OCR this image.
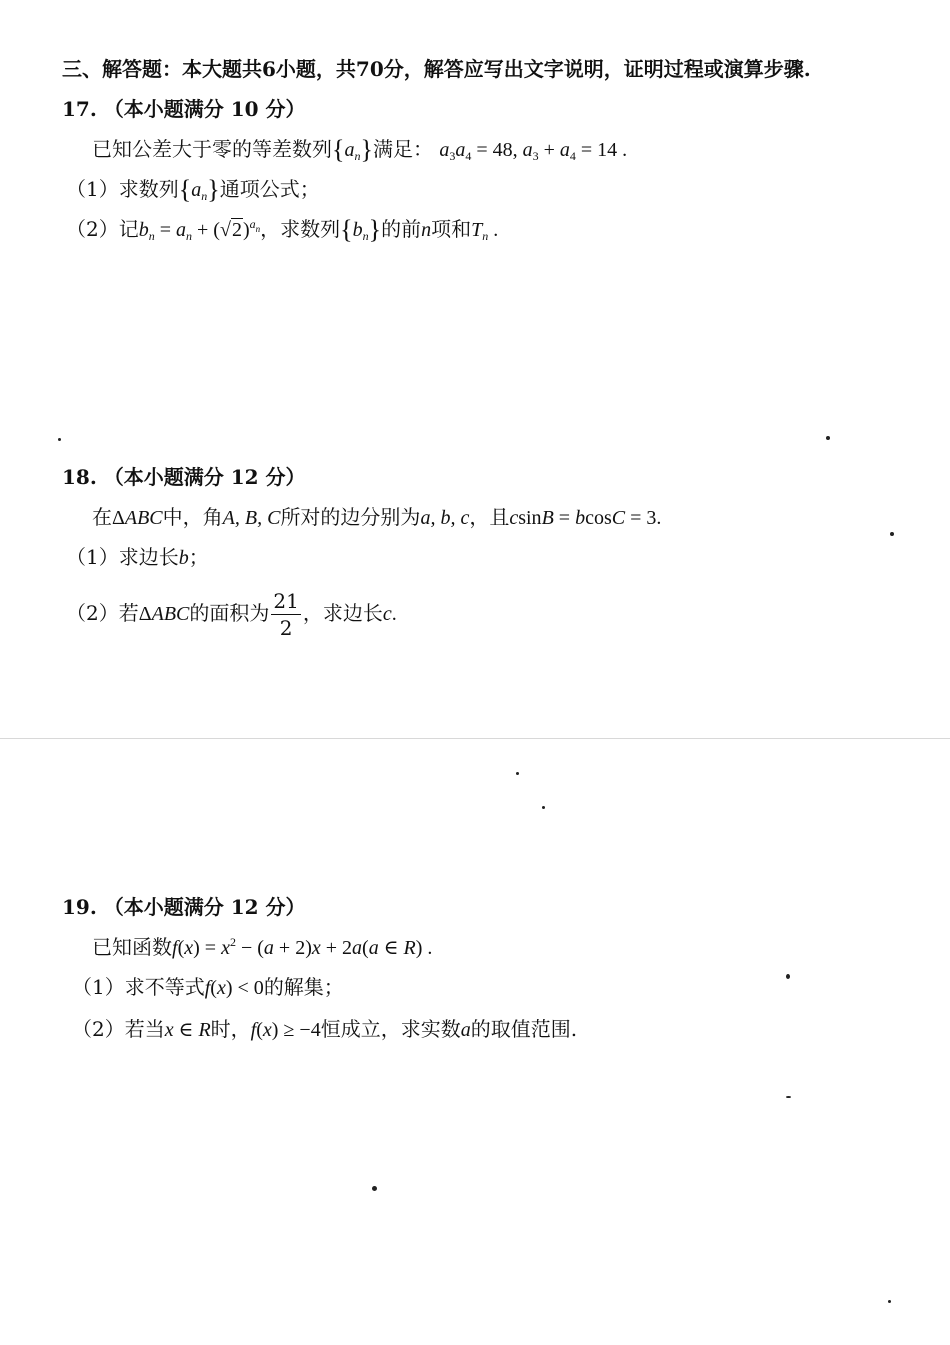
三、解答题：本大题共6小题，共70分，解答应写出文字说明，证明过程或演算步骤.
17. （本小题满分 10 分）
已知公差大于零的等差数列$\{a_n\}$满足： $a_3a_4 = 48$, $a_3 + a_4 = 14$ .
（1）求数列$\{a_n\}$通项公式；
（2）记$b_n = a_n + (√2)^{a_n}$，求数列$\{b_n\}$的前n项和$T_n$ .
18. （本小题满分 12 分）
在ΔABC中，角A, B, C所对的边分别为a, b, c，且csinB = bcosC = 3.
（1）求边长b；
（2）若ΔABC的面积为 $\frac{21}{2}$ ，求边长c.
19. （本小题满分 12 分）
已知函数$f(x) = x^2 - (a + 2)x + 2a(a$ ∈ R) .
（1）求不等式f(x) < 0的解集；
（2）若当x ∈ R时，f(x) ≥ −4恒成立，求实数a的取值范围.
